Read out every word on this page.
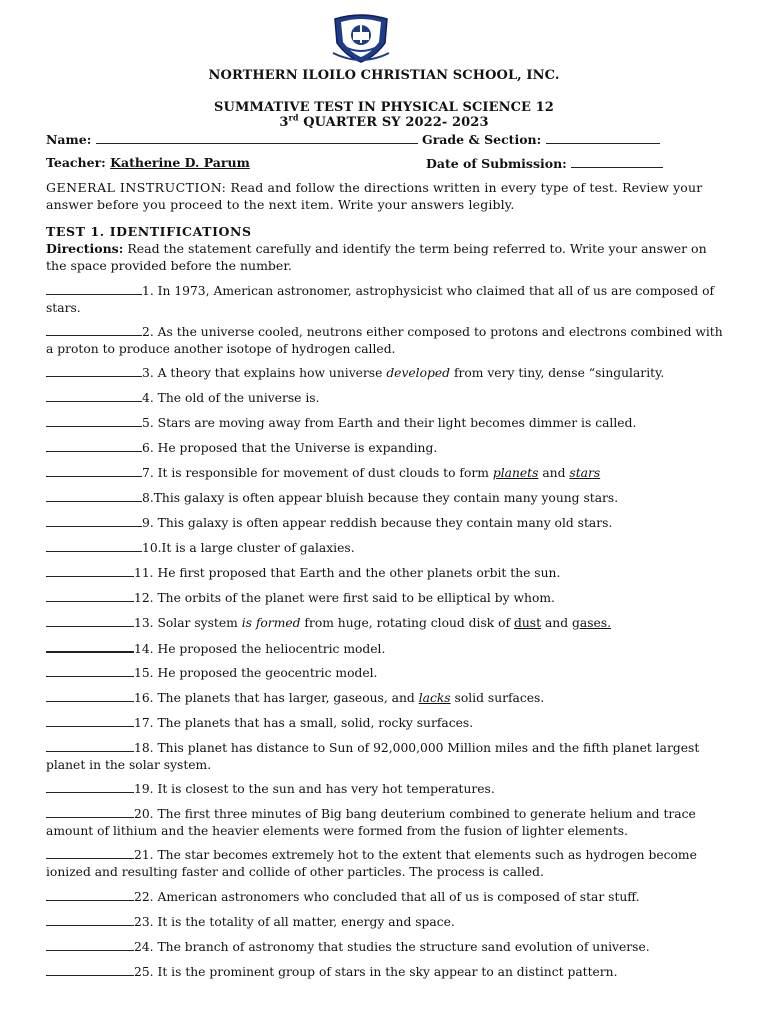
NORTHERN ILOILO CHRISTIAN SCHOOL, INC.
SUMMATIVE TEST IN PHYSICAL SCIENCE 12
3rd QUARTER SY 2022- 2023
Name:	Grade & Section:
Teacher: Katherine D. Parum	Date of Submission:
GENERAL INSTRUCTION: Read and follow the directions written in every type of test. Review your answer before you proceed to the next item. Write your answers legibly.
TEST 1. IDENTIFICATIONS
Directions: Read the statement carefully and identify the term being referred to. Write your answer on the space provided before the number.
1. In 1973, American astronomer, astrophysicist who claimed that all of us are composed of stars.
2. As the universe cooled, neutrons either composed to protons and electrons combined with a proton to produce another isotope of hydrogen called.
3. A theory that explains how universe developed from very tiny, dense “singularity.
4. The old of the universe is.
5. Stars are moving away from Earth and their light becomes dimmer is called.
6. He proposed that the Universe is expanding.
7. It is responsible for movement of dust clouds to form planets and stars
8.This galaxy is often appear bluish because they contain many young stars.
9. This galaxy is often appear reddish because they contain many old stars.
10.It is a large cluster of galaxies.
11. He first proposed that Earth and the other planets orbit the sun.
12. The orbits of the planet were first said to be elliptical by whom.
13. Solar system is formed from huge, rotating cloud disk of dust and gases.
14. He proposed the heliocentric model.
15. He proposed the geocentric model.
16. The planets that has larger, gaseous, and lacks solid surfaces.
17. The planets that has a small, solid, rocky surfaces.
18. This planet has distance to Sun of 92,000,000 Million miles and the fifth planet largest planet in the solar system.
19. It is closest to the sun and has very hot temperatures.
20. The first three minutes of Big bang deuterium combined to generate helium and trace amount of lithium and the heavier elements were formed from the fusion of lighter elements.
21. The star becomes extremely hot to the extent that elements such as hydrogen become ionized and resulting faster and collide of other particles. The process is called.
22. American astronomers who concluded that all of us is composed of star stuff.
23. It is the totality of all matter, energy and space.
24. The branch of astronomy that studies the structure sand evolution of universe.
25. It is the prominent group of stars in the sky appear to an distinct pattern.
